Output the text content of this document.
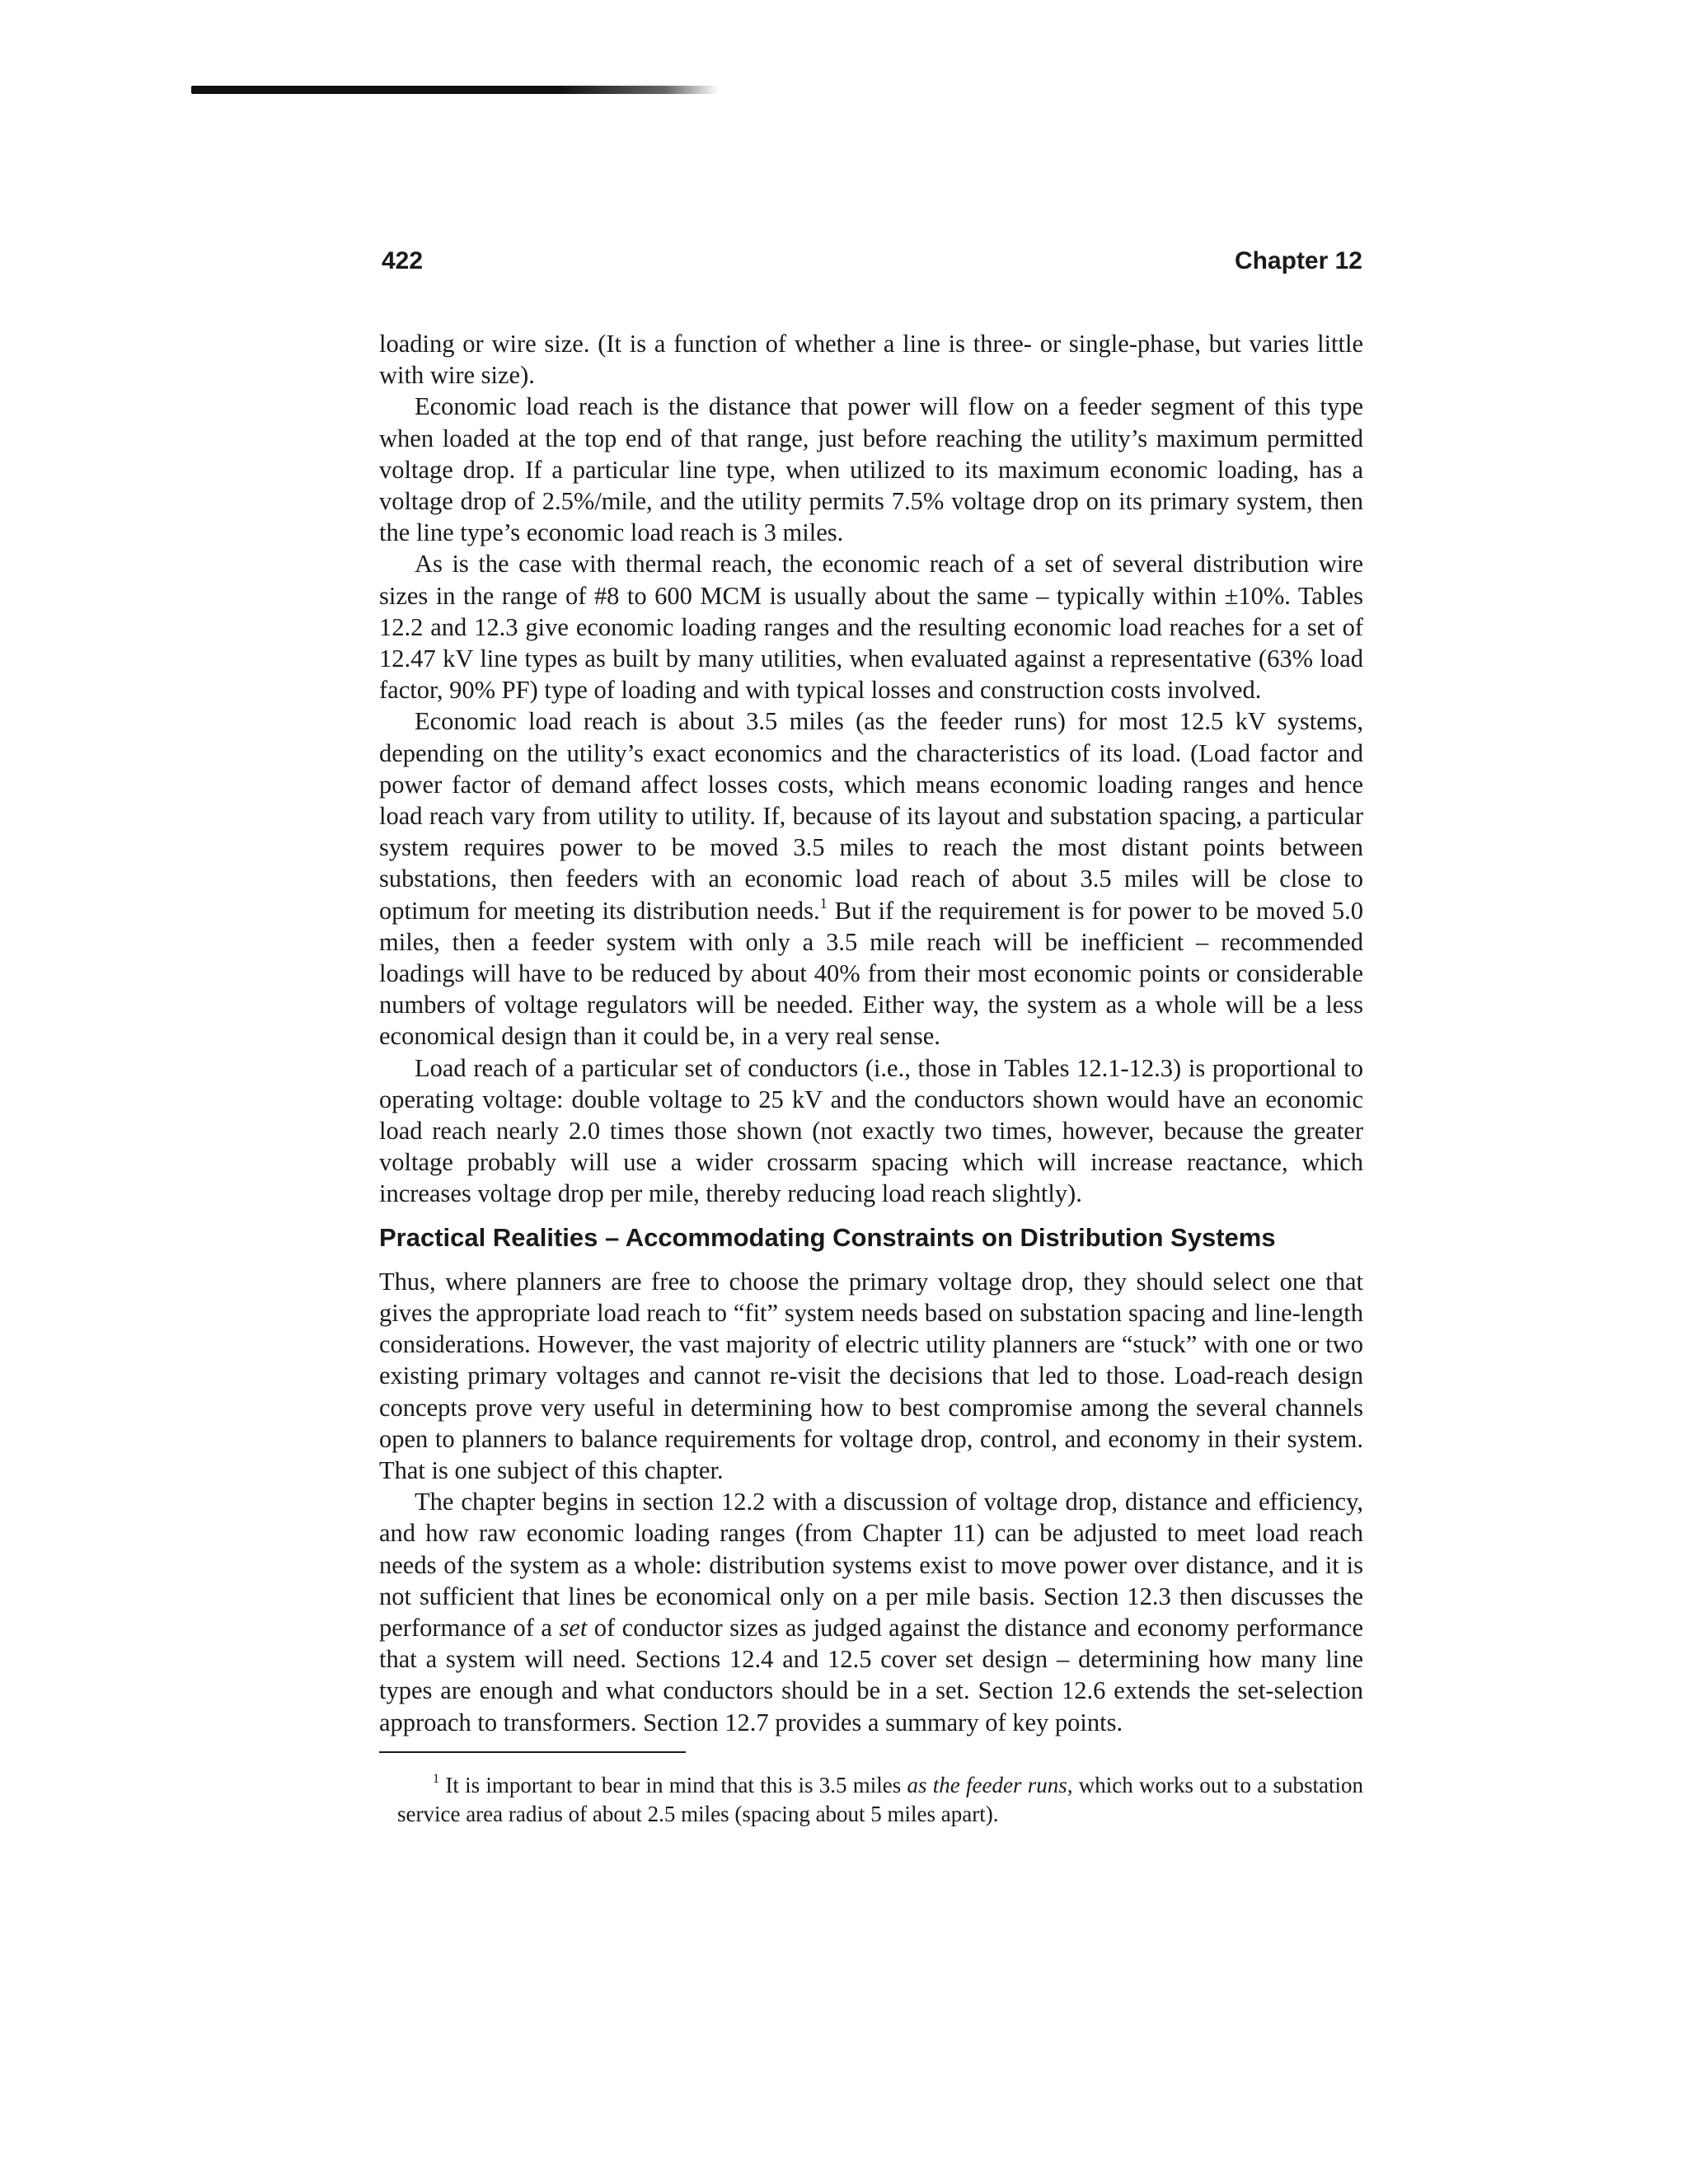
422	Chapter 12

loading or wire size. (It is a function of whether a line is three- or single-phase, but varies little with wire size).

Economic load reach is the distance that power will flow on a feeder segment of this type when loaded at the top end of that range, just before reaching the utility’s maximum permitted voltage drop. If a particular line type, when utilized to its maximum economic loading, has a voltage drop of 2.5%/mile, and the utility permits 7.5% voltage drop on its primary system, then the line type’s economic load reach is 3 miles.

As is the case with thermal reach, the economic reach of a set of several distribution wire sizes in the range of #8 to 600 MCM is usually about the same – typically within ±10%. Tables 12.2 and 12.3 give economic loading ranges and the resulting economic load reaches for a set of 12.47 kV line types as built by many utilities, when evaluated against a representative (63% load factor, 90% PF) type of loading and with typical losses and construction costs involved.

Economic load reach is about 3.5 miles (as the feeder runs) for most 12.5 kV systems, depending on the utility’s exact economics and the characteristics of its load. (Load factor and power factor of demand affect losses costs, which means economic loading ranges and hence load reach vary from utility to utility. If, because of its layout and substation spacing, a particular system requires power to be moved 3.5 miles to reach the most distant points between substations, then feeders with an economic load reach of about 3.5 miles will be close to optimum for meeting its distribution needs.$^1$ But if the requirement is for power to be moved 5.0 miles, then a feeder system with only a 3.5 mile reach will be inefficient – recommended loadings will have to be reduced by about 40% from their most economic points or considerable numbers of voltage regulators will be needed. Either way, the system as a whole will be a less economical design than it could be, in a very real sense.

Load reach of a particular set of conductors (i.e., those in Tables 12.1-12.3) is proportional to operating voltage: double voltage to 25 kV and the conductors shown would have an economic load reach nearly 2.0 times those shown (not exactly two times, however, because the greater voltage probably will use a wider crossarm spacing which will increase reactance, which increases voltage drop per mile, thereby reducing load reach slightly).

Practical Realities – Accommodating Constraints on Distribution Systems

Thus, where planners are free to choose the primary voltage drop, they should select one that gives the appropriate load reach to “fit” system needs based on substation spacing and line-length considerations. However, the vast majority of electric utility planners are “stuck” with one or two existing primary voltages and cannot re-visit the decisions that led to those. Load-reach design concepts prove very useful in determining how to best compromise among the several channels open to planners to balance requirements for voltage drop, control, and economy in their system. That is one subject of this chapter.

The chapter begins in section 12.2 with a discussion of voltage drop, distance and efficiency, and how raw economic loading ranges (from Chapter 11) can be adjusted to meet load reach needs of the system as a whole: distribution systems exist to move power over distance, and it is not sufficient that lines be economical only on a per mile basis. Section 12.3 then discusses the performance of a set of conductor sizes as judged against the distance and economy performance that a system will need. Sections 12.4 and 12.5 cover set design – determining how many line types are enough and what conductors should be in a set. Section 12.6 extends the set-selection approach to transformers. Section 12.7 provides a summary of key points.

$^1$ It is important to bear in mind that this is 3.5 miles as the feeder runs, which works out to a substation service area radius of about 2.5 miles (spacing about 5 miles apart).
